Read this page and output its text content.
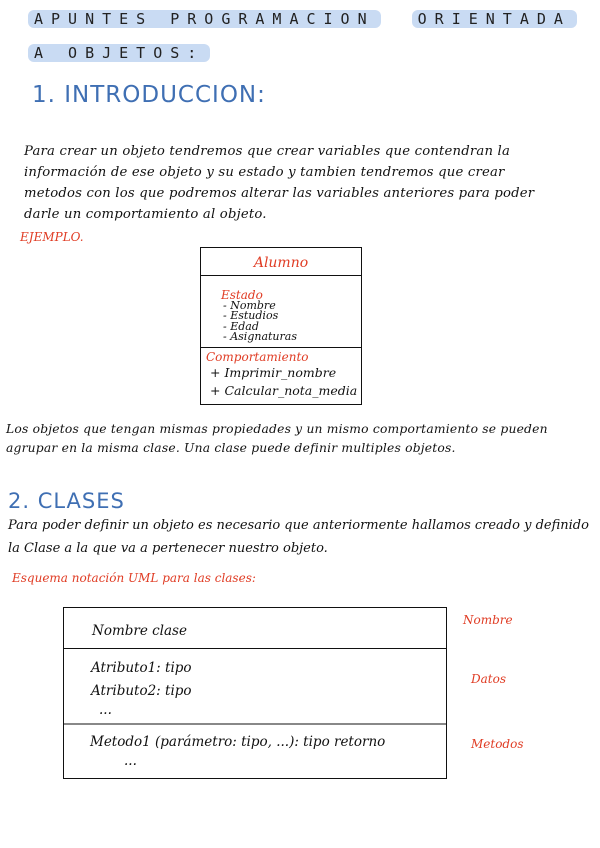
APUNTES PROGRAMACION	ORIENTADA
A OBJETOS:
1. INTRODUCCION:
Para crear un objeto tendremos que crear variables que contendran la
información de ese objeto y su estado y tambien tendremos que crear
metodos con los que podremos alterar las variables anteriores para poder
darle un comportamiento al objeto.
EJEMPLO.
Alumno
Estado
- Nombre
- Estudios
- Edad
- Asignaturas
Comportamiento
+ Imprimir_nombre
+ Calcular_nota_media
Los objetos que tengan mismas propiedades y un mismo comportamiento se pueden
agrupar en la misma clase. Una clase puede definir multiples objetos.
2. CLASES
Para poder definir un objeto es necesario que anteriormente hallamos creado y definido
la Clase a la que va a pertenecer nuestro objeto.
Esquema notación UML para las clases:
Nombre clase
Atributo1: tipo
Atributo2: tipo
...
Metodo1 (parámetro: tipo, ...): tipo retorno
...
Nombre
Datos
Metodos
